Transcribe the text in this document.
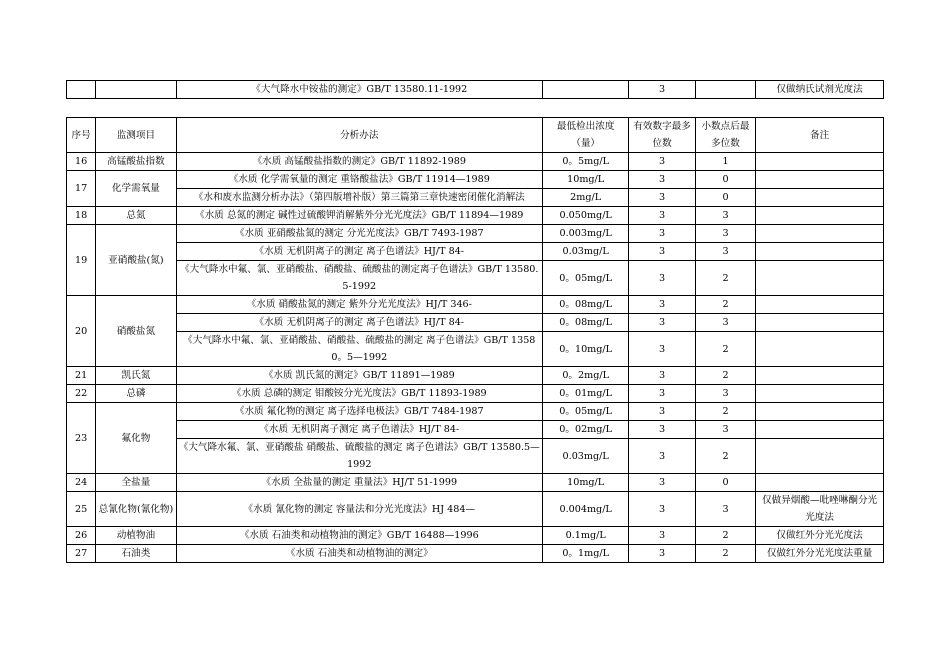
		《大气降水中铵盐的测定》GB/T 13580.11-1992		3		仅做纳氏试剂光度法
序号	监测项目	分析办法	最低检出浓度（量）	有效数字最多位数	小数点后最多位数	备注
16	高锰酸盐指数	《水质 高锰酸盐指数的测定》GB/T 11892-1989	0。5mg/L	3	1	
17	化学需氧量	《水质 化学需氧量的测定 重铬酸盐法》GB/T 11914—1989	10mg/L	3	0	
		《水和废水监测分析办法》（第四版增补版）第三篇第三章快速密闭催化消解法	2mg/L	3	0	
18	总氮	《水质 总氮的测定 碱性过硫酸钾消解紫外分光光度法》GB/T 11894—1989	0.050mg/L	3	3	
19	亚硝酸盐(氮)	《水质 亚硝酸盐氮的测定 分光光度法》GB/T 7493-1987	0.003mg/L	3	3	
		《水质 无机阴离子的测定 离子色谱法》HJ/T 84-	0.03mg/L	3	3	
		《大气降水中氟、氯、亚硝酸盐、硝酸盐、硫酸盐的测定离子色谱法》GB/T 13580.5-1992	0。05mg/L	3	2	
20	硝酸盐氮	《水质 硝酸盐氮的测定 紫外分光光度法》HJ/T 346-	0。08mg/L	3	2	
		《水质 无机阴离子的测定 离子色谱法》HJ/T 84-	0。08mg/L	3	3	
		《大气降水中氟、氯、亚硝酸盐、硝酸盐、硫酸盐的测定 离子色谱法》GB/T 13580。5—1992	0。10mg/L	3	2	
21	凯氏氮	《水质 凯氏氮的测定》GB/T 11891—1989	0。2mg/L	3	2	
22	总磷	《水质 总磷的测定 钼酸铵分光光度法》GB/T 11893-1989	0。01mg/L	3	3	
23	氟化物	《水质 氟化物的测定 离子选择电极法》GB/T 7484-1987	0。05mg/L	3	2	
		《水质 无机阴离子测定 离子色谱法》HJ/T 84-	0。02mg/L	3	3	
		《大气降水氟、氯、亚硝酸盐 硝酸盐、硫酸盐的测定 离子色谱法》GB/T 13580.5—1992	0.03mg/L	3	2	
24	全盐量	《水质 全盐量的测定 重量法》HJ/T 51-1999	10mg/L	3	0	
25	总氰化物(氰化物)	《水质 氰化物的测定 容量法和分光光度法》HJ 484—	0.004mg/L	3	3	仅做异烟酸—吡唑啉酮分光光度法
26	动植物油	《水质 石油类和动植物油的测定》GB/T 16488—1996	0.1mg/L	3	2	仅做红外分光光度法
27	石油类	《水质 石油类和动植物油的测定》	0。1mg/L	3	2	仅做红外分光光度法重量
